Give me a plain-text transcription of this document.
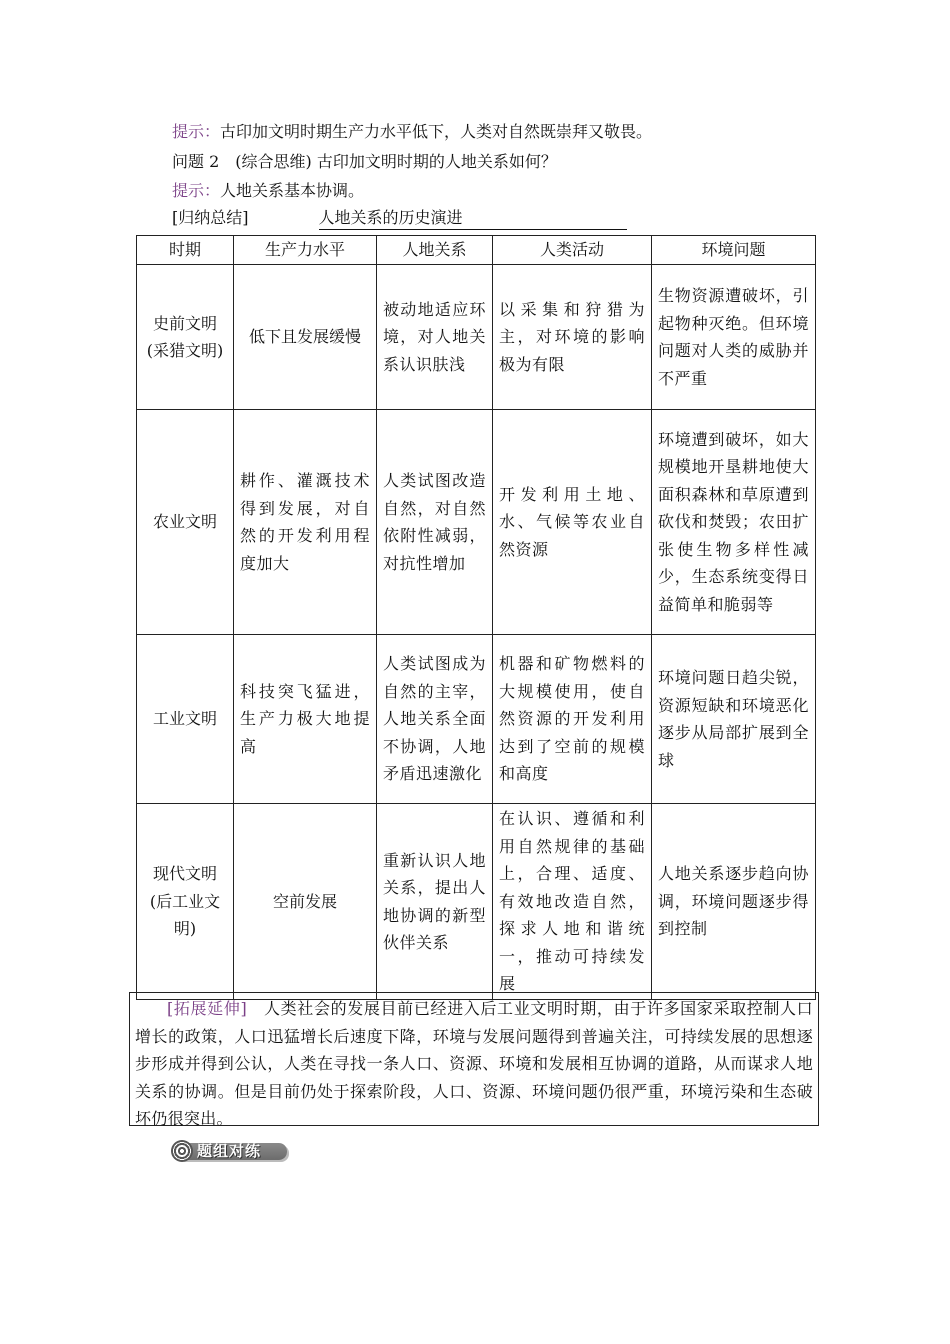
提示：古印加文明时期生产力水平低下，人类对自然既崇拜又敬畏。
问题 2　(综合思维) 古印加文明时期的人地关系如何？
提示：人地关系基本协调。
[归纳总结]	人地关系的历史演进
时期	生产力水平	人地关系	人类活动	环境问题
史前文明 (采猎文明)	低下且发展缓慢	被动地适应环境，对人地关系认识肤浅	以采集和狩猎为主，对环境的影响极为有限	生物资源遭破坏，引起物种灭绝。但环境问题对人类的威胁并不严重
农业文明	耕作、灌溉技术得到发展，对自然的开发利用程度加大	人类试图改造自然，对自然依附性减弱，对抗性增加	开发利用土地、水、气候等农业自然资源	环境遭到破坏，如大规模地开垦耕地使大面积森林和草原遭到砍伐和焚毁；农田扩张使生物多样性减少，生态系统变得日益简单和脆弱等
工业文明	科技突飞猛进，生产力极大地提高	人类试图成为自然的主宰，人地关系全面不协调，人地矛盾迅速激化	机器和矿物燃料的大规模使用，使自然资源的开发利用达到了空前的规模和高度	环境问题日趋尖锐，资源短缺和环境恶化逐步从局部扩展到全球
现代文明 (后工业文明)	空前发展	重新认识人地关系，提出人地协调的新型伙伴关系	在认识、遵循和利用自然规律的基础上，合理、适度、有效地改造自然，探求人地和谐统一，推动可持续发展	人地关系逐步趋向协调，环境问题逐步得到控制
[拓展延伸]　 人类社会的发展目前已经进入后工业文明时期，由于许多国家采取控制人口增长的政策，人口迅猛增长后速度下降，环境与发展问题得到普遍关注，可持续发展的思想逐步形成并得到公认，人类在寻找一条人口、资源、环境和发展相互协调的道路，从而谋求人地关系的协调。但是目前仍处于探索阶段，人口、资源、环境问题仍很严重，环境污染和生态破坏仍很突出。
题组对练
